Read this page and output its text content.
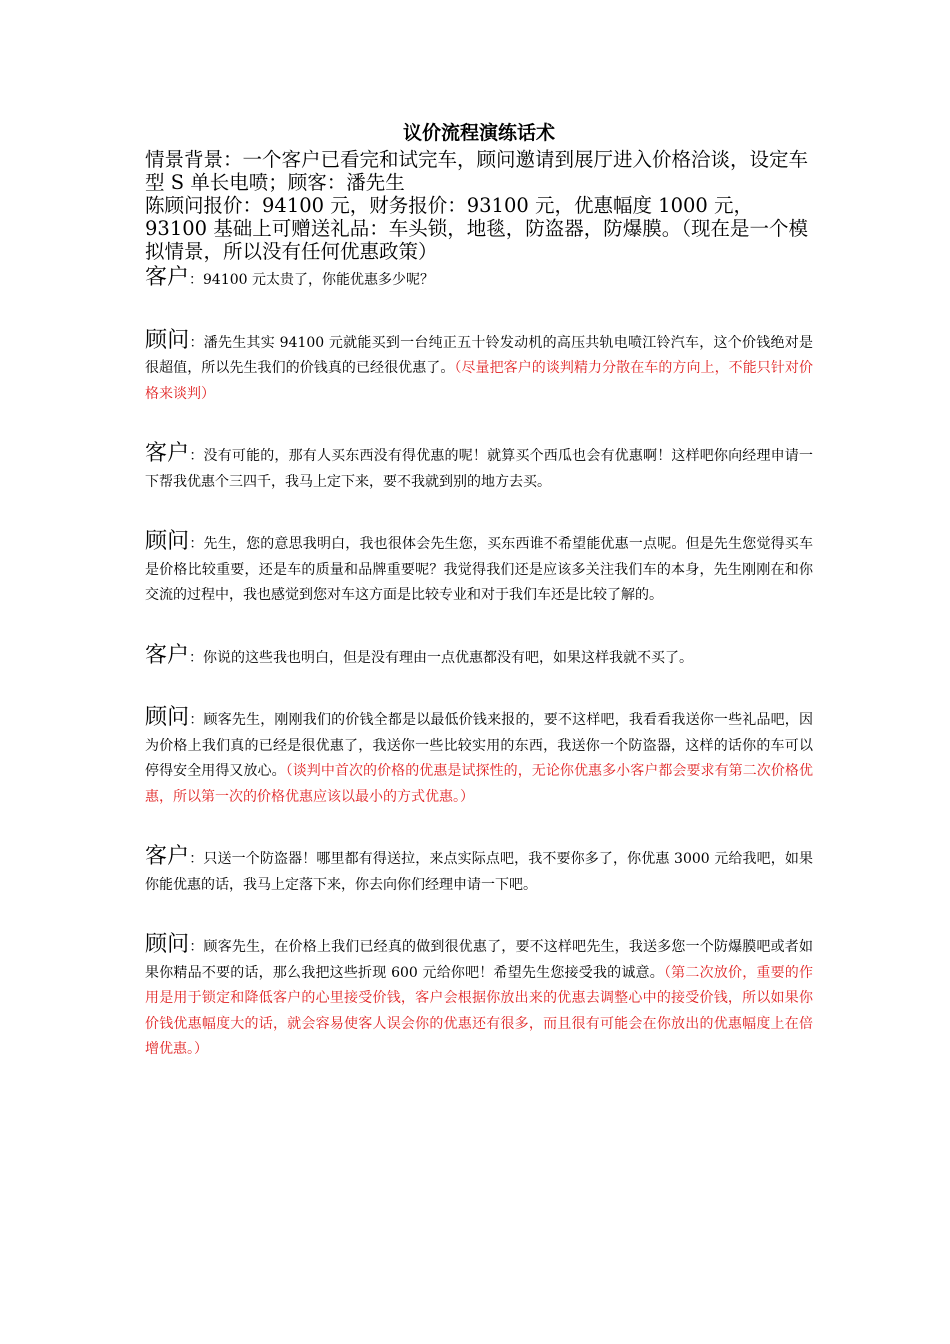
议价流程演练话术

情景背景：一个客户已看完和试完车，顾问邀请到展厅进入价格洽谈，设定车型 S 单长电喷；顾客：潘先生

陈顾问报价：94100 元，财务报价：93100 元，优惠幅度 1000 元，93100 基础上可赠送礼品：车头锁，地毯，防盗器，防爆膜。（现在是一个模拟情景，所以没有任何优惠政策）

客户：94100 元太贵了，你能优惠多少呢？

顾问：潘先生其实 94100 元就能买到一台纯正五十铃发动机的高压共轨电喷江铃汽车，这个价钱绝对是很超值，所以先生我们的价钱真的已经很优惠了。（尽量把客户的谈判精力分散在车的方向上，不能只针对价格来谈判）

客户：没有可能的，那有人买东西没有得优惠的呢！就算买个西瓜也会有优惠啊！这样吧你向经理申请一下帮我优惠个三四千，我马上定下来，要不我就到别的地方去买。

顾问：先生，您的意思我明白，我也很体会先生您，买东西谁不希望能优惠一点呢。但是先生您觉得买车是价格比较重要，还是车的质量和品牌重要呢？我觉得我们还是应该多关注我们车的本身，先生刚刚在和你交流的过程中，我也感觉到您对车这方面是比较专业和对于我们车还是比较了解的。

客户：你说的这些我也明白，但是没有理由一点优惠都没有吧，如果这样我就不买了。

顾问：顾客先生，刚刚我们的价钱全都是以最低价钱来报的，要不这样吧，我看看我送你一些礼品吧，因为价格上我们真的已经是很优惠了，我送你一些比较实用的东西，我送你一个防盗器，这样的话你的车可以停得安全用得又放心。（谈判中首次的价格的优惠是试探性的，无论你优惠多小客户都会要求有第二次价格优惠，所以第一次的价格优惠应该以最小的方式优惠。）

客户：只送一个防盗器！哪里都有得送拉，来点实际点吧，我不要你多了，你优惠 3000 元给我吧，如果你能优惠的话，我马上定落下来，你去向你们经理申请一下吧。

顾问：顾客先生，在价格上我们已经真的做到很优惠了，要不这样吧先生，我送多您一个防爆膜吧或者如果你精品不要的话，那么我把这些折现 600 元给你吧！希望先生您接受我的诚意。（第二次放价，重要的作用是用于锁定和降低客户的心里接受价钱，客户会根据你放出来的优惠去调整心中的接受价钱，所以如果你价钱优惠幅度大的话，就会容易使客人误会你的优惠还有很多，而且很有可能会在你放出的优惠幅度上在倍增优惠。）
